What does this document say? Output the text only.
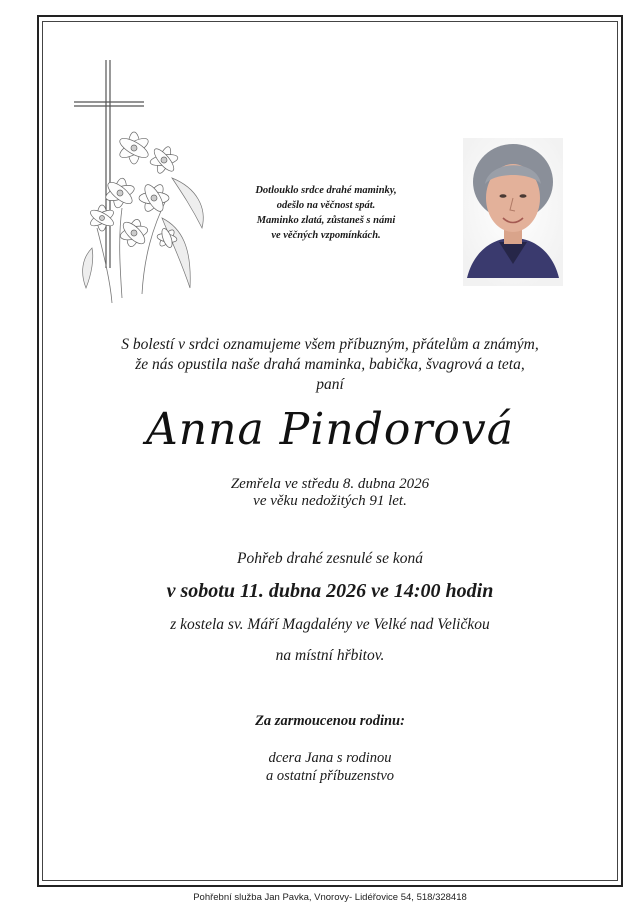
Dotlouklo srdce drahé maminky,
odešlo na věčnost spát.
Maminko zlatá, zůstaneš s námi
ve věčných vzpomínkách.
S bolestí v srdci oznamujeme všem příbuzným, přátelům a známým,
že nás opustila naše drahá maminka, babička, švagrová a teta,
paní
Anna Pindorová
Zemřela ve středu 8. dubna 2026
ve věku nedožitých 91 let.
Pohřeb drahé zesnulé se koná
v sobotu 11. dubna 2026 ve 14:00 hodin
z kostela sv. Máří Magdalény ve Velké nad Veličkou
na místní hřbitov.
Za zarmoucenou rodinu:
dcera Jana s rodinou
a ostatní příbuzenstvo
Pohřební služba Jan Pavka, Vnorovy- Lidéřovice 54, 518/328418
